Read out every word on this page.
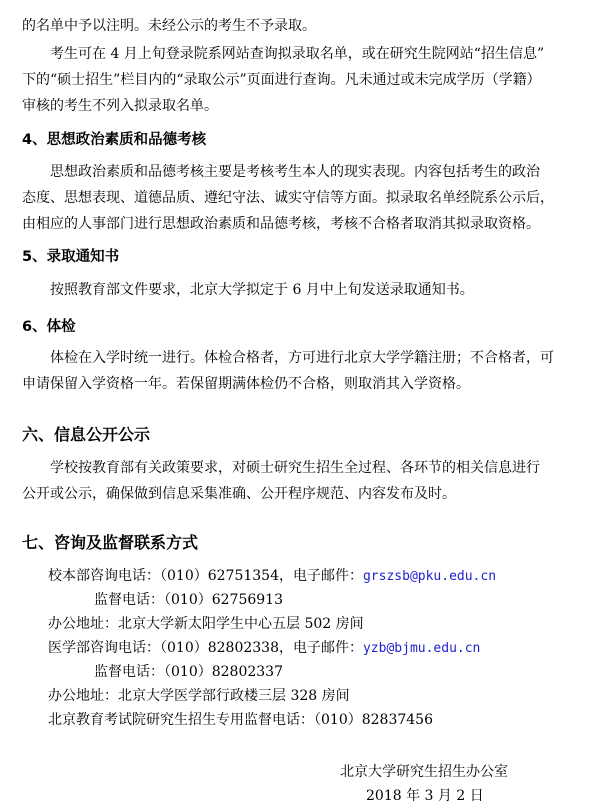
的名单中予以注明。未经公示的考生不予录取。
考生可在 4 月上旬登录院系网站查询拟录取名单，或在研究生院网站“招生信息”
下的“硕士招生”栏目内的“录取公示”页面进行查询。凡未通过或未完成学历（学籍）
审核的考生不列入拟录取名单。
4、思想政治素质和品德考核
思想政治素质和品德考核主要是考核考生本人的现实表现。内容包括考生的政治
态度、思想表现、道德品质、遵纪守法、诚实守信等方面。拟录取名单经院系公示后，
由相应的人事部门进行思想政治素质和品德考核，考核不合格者取消其拟录取资格。
5、录取通知书
按照教育部文件要求，北京大学拟定于 6 月中上旬发送录取通知书。
6、体检
体检在入学时统一进行。体检合格者，方可进行北京大学学籍注册；不合格者，可
申请保留入学资格一年。若保留期满体检仍不合格，则取消其入学资格。
六、信息公开公示
学校按教育部有关政策要求，对硕士研究生招生全过程、各环节的相关信息进行
公开或公示，确保做到信息采集准确、公开程序规范、内容发布及时。
七、咨询及监督联系方式
校本部咨询电话：（010）62751354，电子邮件：grszsb@pku.edu.cn
监督电话：（010）62756913
办公地址：北京大学新太阳学生中心五层 502 房间
医学部咨询电话：（010）82802338，电子邮件：yzb@bjmu.edu.cn
监督电话：（010）82802337
办公地址：北京大学医学部行政楼三层 328 房间
北京教育考试院研究生招生专用监督电话：（010）82837456
北京大学研究生招生办公室
2018 年 3 月 2 日
